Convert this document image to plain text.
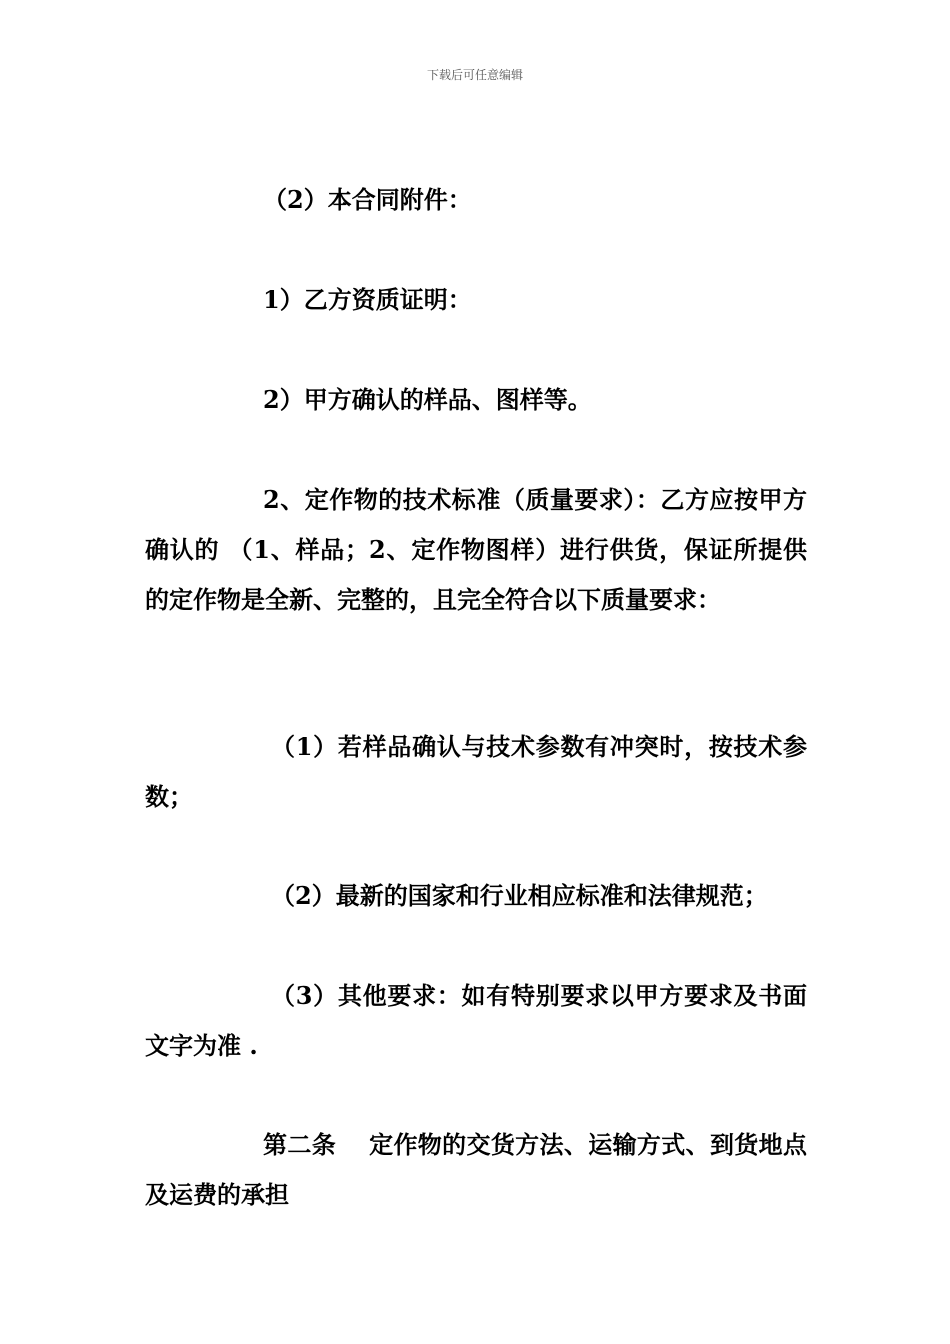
下载后可任意编辑

（2）本合同附件：

1）乙方资质证明：

2）甲方确认的样品、图样等。

2、定作物的技术标准（质量要求）：乙方应按甲方确认的 （1、样品；2、定作物图样）进行供货，保证所提供的定作物是全新、完整的，且完全符合以下质量要求：

（1）若样品确认与技术参数有冲突时，按技术参数；

（2）最新的国家和行业相应标准和法律规范；

（3）其他要求：如有特别要求以甲方要求及书面文字为准 .

第二条　 定作物的交货方法、运输方式、到货地点及运费的承担
